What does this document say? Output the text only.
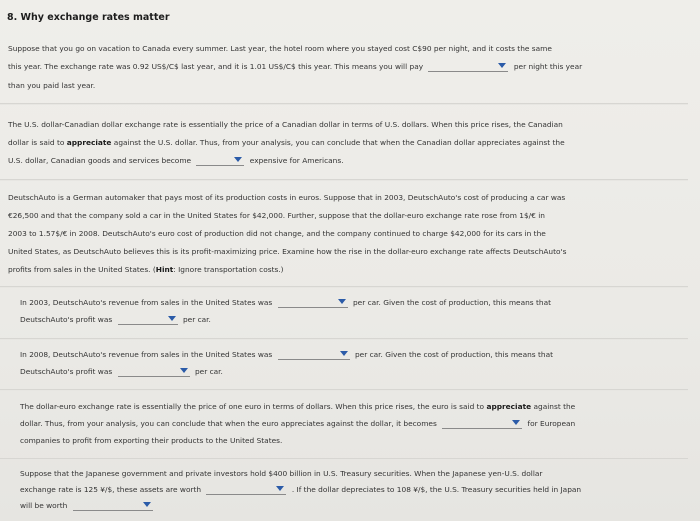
8. Why exchange rates matter
Suppose that you go on vacation to Canada every summer. Last year, the hotel room where you stayed cost C$90 per night, and it costs the same
this year. The exchange rate was 0.92 US$/C$ last year, and it is 1.01 US$/C$ this year. This means you will pay	per night this year
than you paid last year.
The U.S. dollar-Canadian dollar exchange rate is essentially the price of a Canadian dollar in terms of U.S. dollars. When this price rises, the Canadian
dollar is said to appreciate against the U.S. dollar. Thus, from your analysis, you can conclude that when the Canadian dollar appreciates against the
U.S. dollar, Canadian goods and services become	expensive for Americans.
DeutschAuto is a German automaker that pays most of its production costs in euros. Suppose that in 2003, DeutschAuto's cost of producing a car was
€26,500 and that the company sold a car in the United States for $42,000. Further, suppose that the dollar-euro exchange rate rose from 1$/€ in
2003 to 1.57$/€ in 2008. DeutschAuto's euro cost of production did not change, and the company continued to charge $42,000 for its cars in the
United States, as DeutschAuto believes this is its profit-maximizing price. Examine how the rise in the dollar-euro exchange rate affects DeutschAuto's
profits from sales in the United States. (Hint: Ignore transportation costs.)
In 2003, DeutschAuto's revenue from sales in the United States was	per car. Given the cost of production, this means that
DeutschAuto's profit was	per car.
In 2008, DeutschAuto's revenue from sales in the United States was	per car. Given the cost of production, this means that
DeutschAuto's profit was	per car.
The dollar-euro exchange rate is essentially the price of one euro in terms of dollars. When this price rises, the euro is said to appreciate against the
dollar. Thus, from your analysis, you can conclude that when the euro appreciates against the dollar, it becomes	for European
companies to profit from exporting their products to the United States.
Suppose that the Japanese government and private investors hold $400 billion in U.S. Treasury securities. When the Japanese yen-U.S. dollar
exchange rate is 125 ¥/$, these assets are worth	. If the dollar depreciates to 108 ¥/$, the U.S. Treasury securities held in Japan
will be worth
